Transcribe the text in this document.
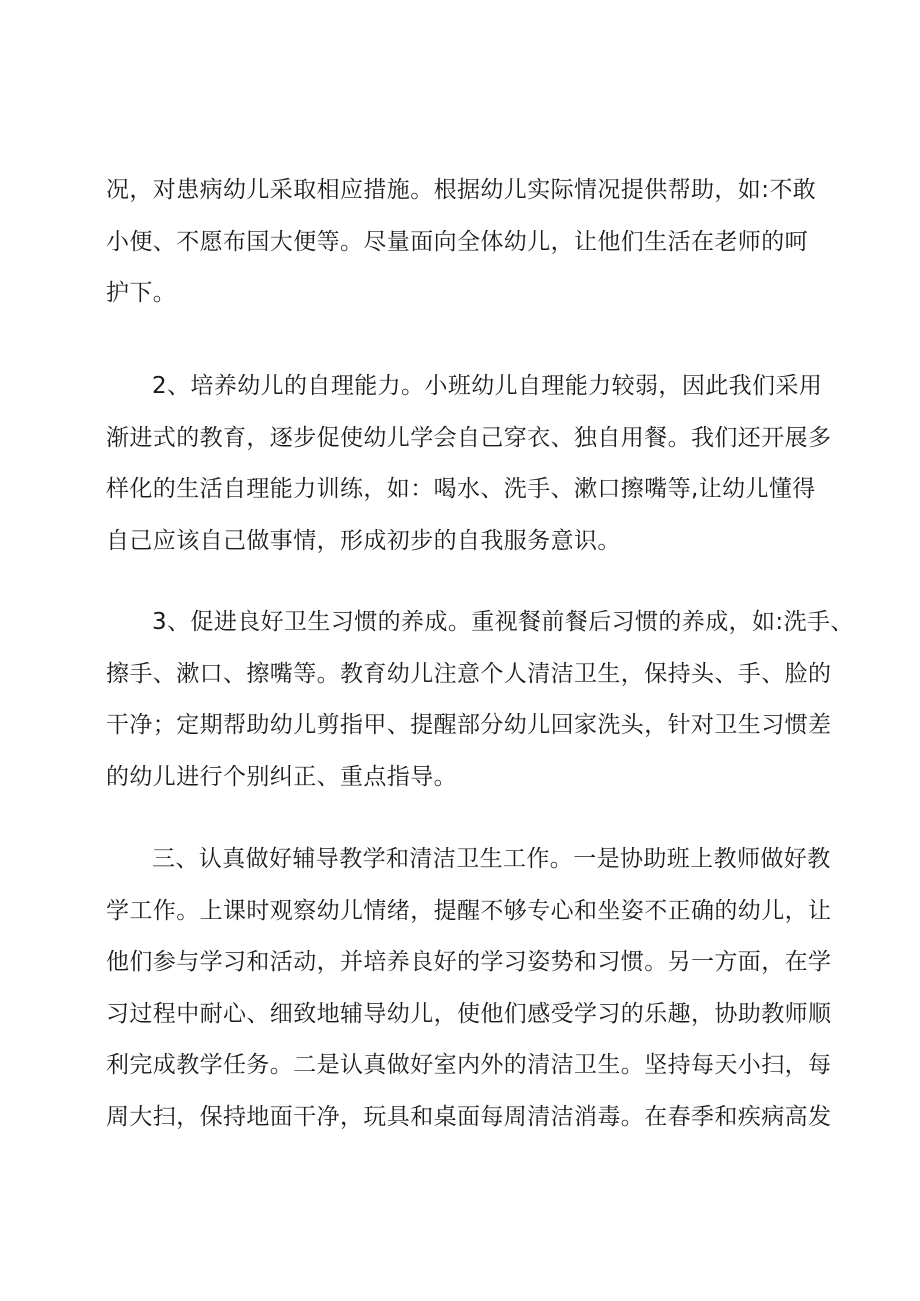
况，对患病幼儿采取相应措施。根据幼儿实际情况提供帮助，如:不敢
小便、不愿布国大便等。尽量面向全体幼儿，让他们生活在老师的呵
护下。
2、培养幼儿的自理能力。小班幼儿自理能力较弱，因此我们采用
渐进式的教育，逐步促使幼儿学会自己穿衣、独自用餐。我们还开展多
样化的生活自理能力训练，如：喝水、洗手、漱口擦嘴等,让幼儿懂得
自己应该自己做事情，形成初步的自我服务意识。
3、促进良好卫生习惯的养成。重视餐前餐后习惯的养成，如:洗手、
擦手、漱口、擦嘴等。教育幼儿注意个人清洁卫生，保持头、手、脸的
干净；定期帮助幼儿剪指甲、提醒部分幼儿回家洗头，针对卫生习惯差
的幼儿进行个别纠正、重点指导。
三、认真做好辅导教学和清洁卫生工作。一是协助班上教师做好教
学工作。上课时观察幼儿情绪，提醒不够专心和坐姿不正确的幼儿，让
他们参与学习和活动，并培养良好的学习姿势和习惯。另一方面，在学
习过程中耐心、细致地辅导幼儿，使他们感受学习的乐趣，协助教师顺
利完成教学任务。二是认真做好室内外的清洁卫生。坚持每天小扫，每
周大扫，保持地面干净，玩具和桌面每周清洁消毒。在春季和疾病高发
